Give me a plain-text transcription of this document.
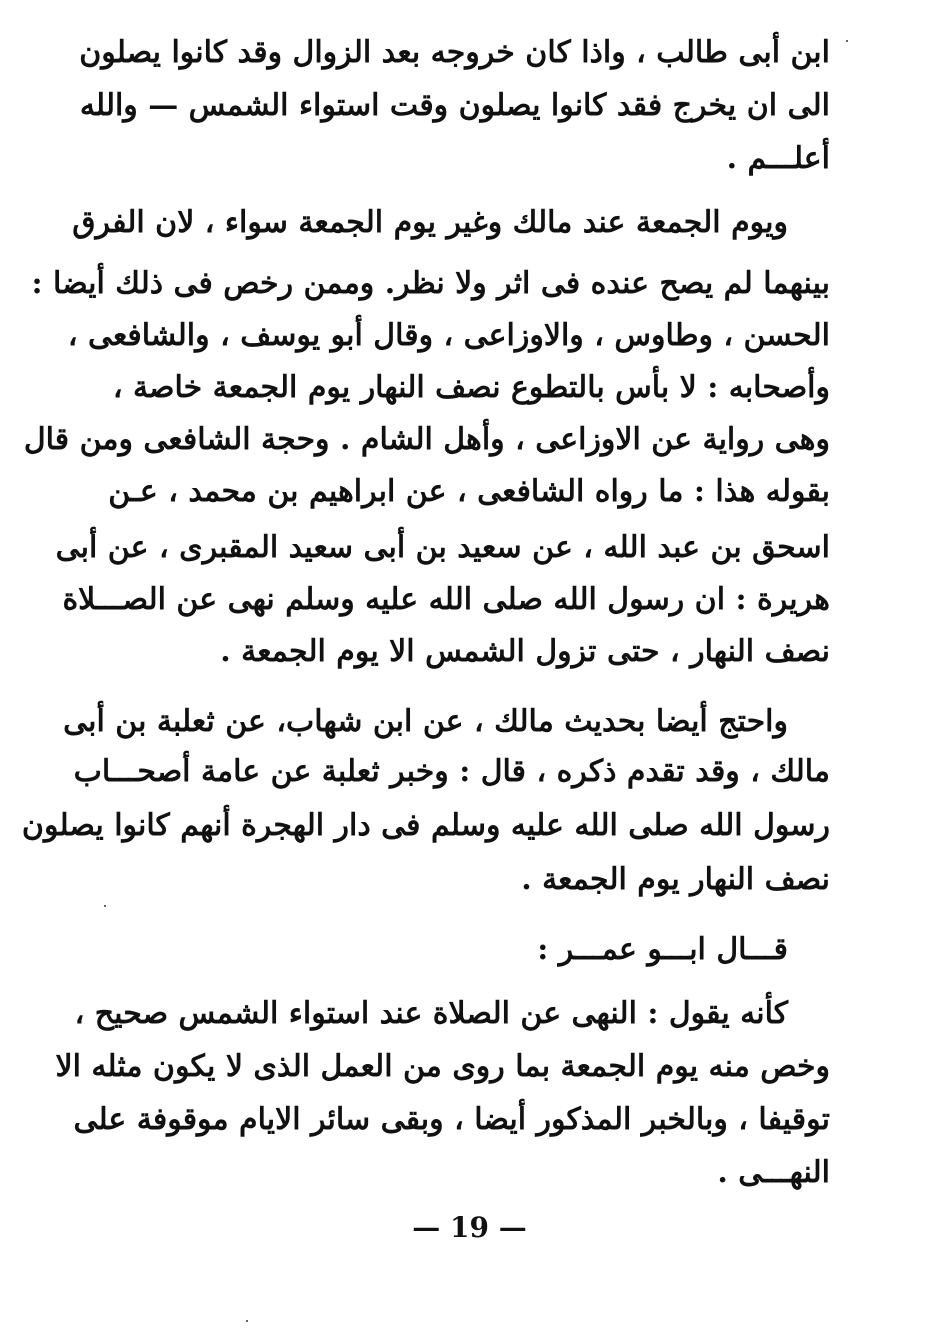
ابن أبى طالب ، واذا كان خروجه بعد الزوال وقد كانوا يصلون
الى ان يخرج فقد كانوا يصلون وقت استواء الشمس — والله
أعلـــم .
ويوم الجمعة عند مالك وغير يوم الجمعة سواء ، لان الفرق
بينهما لم يصح عنده فى اثر ولا نظر. وممن رخص فى ذلك أيضا :
الحسن ، وطاوس ، والاوزاعى ، وقال أبو يوسف ، والشافعى ،
وأصحابه : لا بأس بالتطوع نصف النهار يوم الجمعة خاصة ،
وهى رواية عن الاوزاعى ، وأهل الشام . وحجة الشافعى ومن قال
بقوله هذا : ما رواه الشافعى ، عن ابراهيم بن محمد ، عـن
اسحق بن عبد الله ، عن سعيد بن أبى سعيد المقبرى ، عن أبى
هريرة : ان رسول الله صلى الله عليه وسلم نهى عن الصـــلاة
نصف النهار ، حتى تزول الشمس الا يوم الجمعة .
واحتج أيضا بحديث مالك ، عن ابن شهاب، عن ثعلبة بن أبى
مالك ، وقد تقدم ذكره ، قال : وخبر ثعلبة عن عامة أصحـــاب
رسول الله صلى الله عليه وسلم فى دار الهجرة أنهم كانوا يصلون
نصف النهار يوم الجمعة .
قـــال ابـــو عمـــر :
كأنه يقول : النهى عن الصلاة عند استواء الشمس صحيح ،
وخص منه يوم الجمعة بما روى من العمل الذى لا يكون مثله الا
توقيفا ، وبالخبر المذكور أيضا ، وبقى سائر الايام موقوفة على
النهـــى .
— 19 —
